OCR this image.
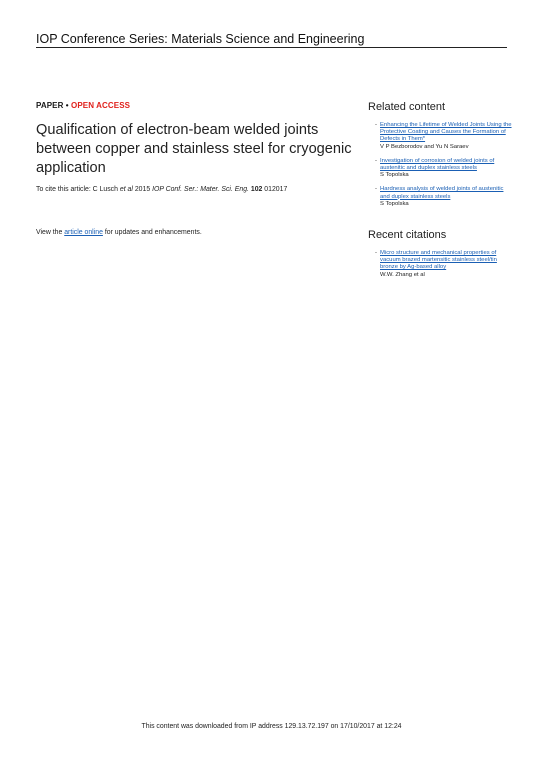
IOP Conference Series: Materials Science and Engineering
PAPER • OPEN ACCESS
Qualification of electron-beam welded joints between copper and stainless steel for cryogenic application
To cite this article: C Lusch et al 2015 IOP Conf. Ser.: Mater. Sci. Eng. 102 012017
View the article online for updates and enhancements.
Related content
- Enhancing the Lifetime of Welded Joints Using the Protective Coating and Causes the Formation of Defects in Them*
V P Bezborodov and Yu N Saraev
- Investigation of corrosion of welded joints of austenitic and duplex stainless steels
S Topolska
- Hardness analysis of welded joints of austenitic and duplex stainless steels
S Topolska
Recent citations
- Micro structure and mechanical properties of vacuum brazed martensitic stainless steel/tin bronze by Ag-based alloy
W.W. Zhang et al
This content was downloaded from IP address 129.13.72.197 on 17/10/2017 at 12:24
